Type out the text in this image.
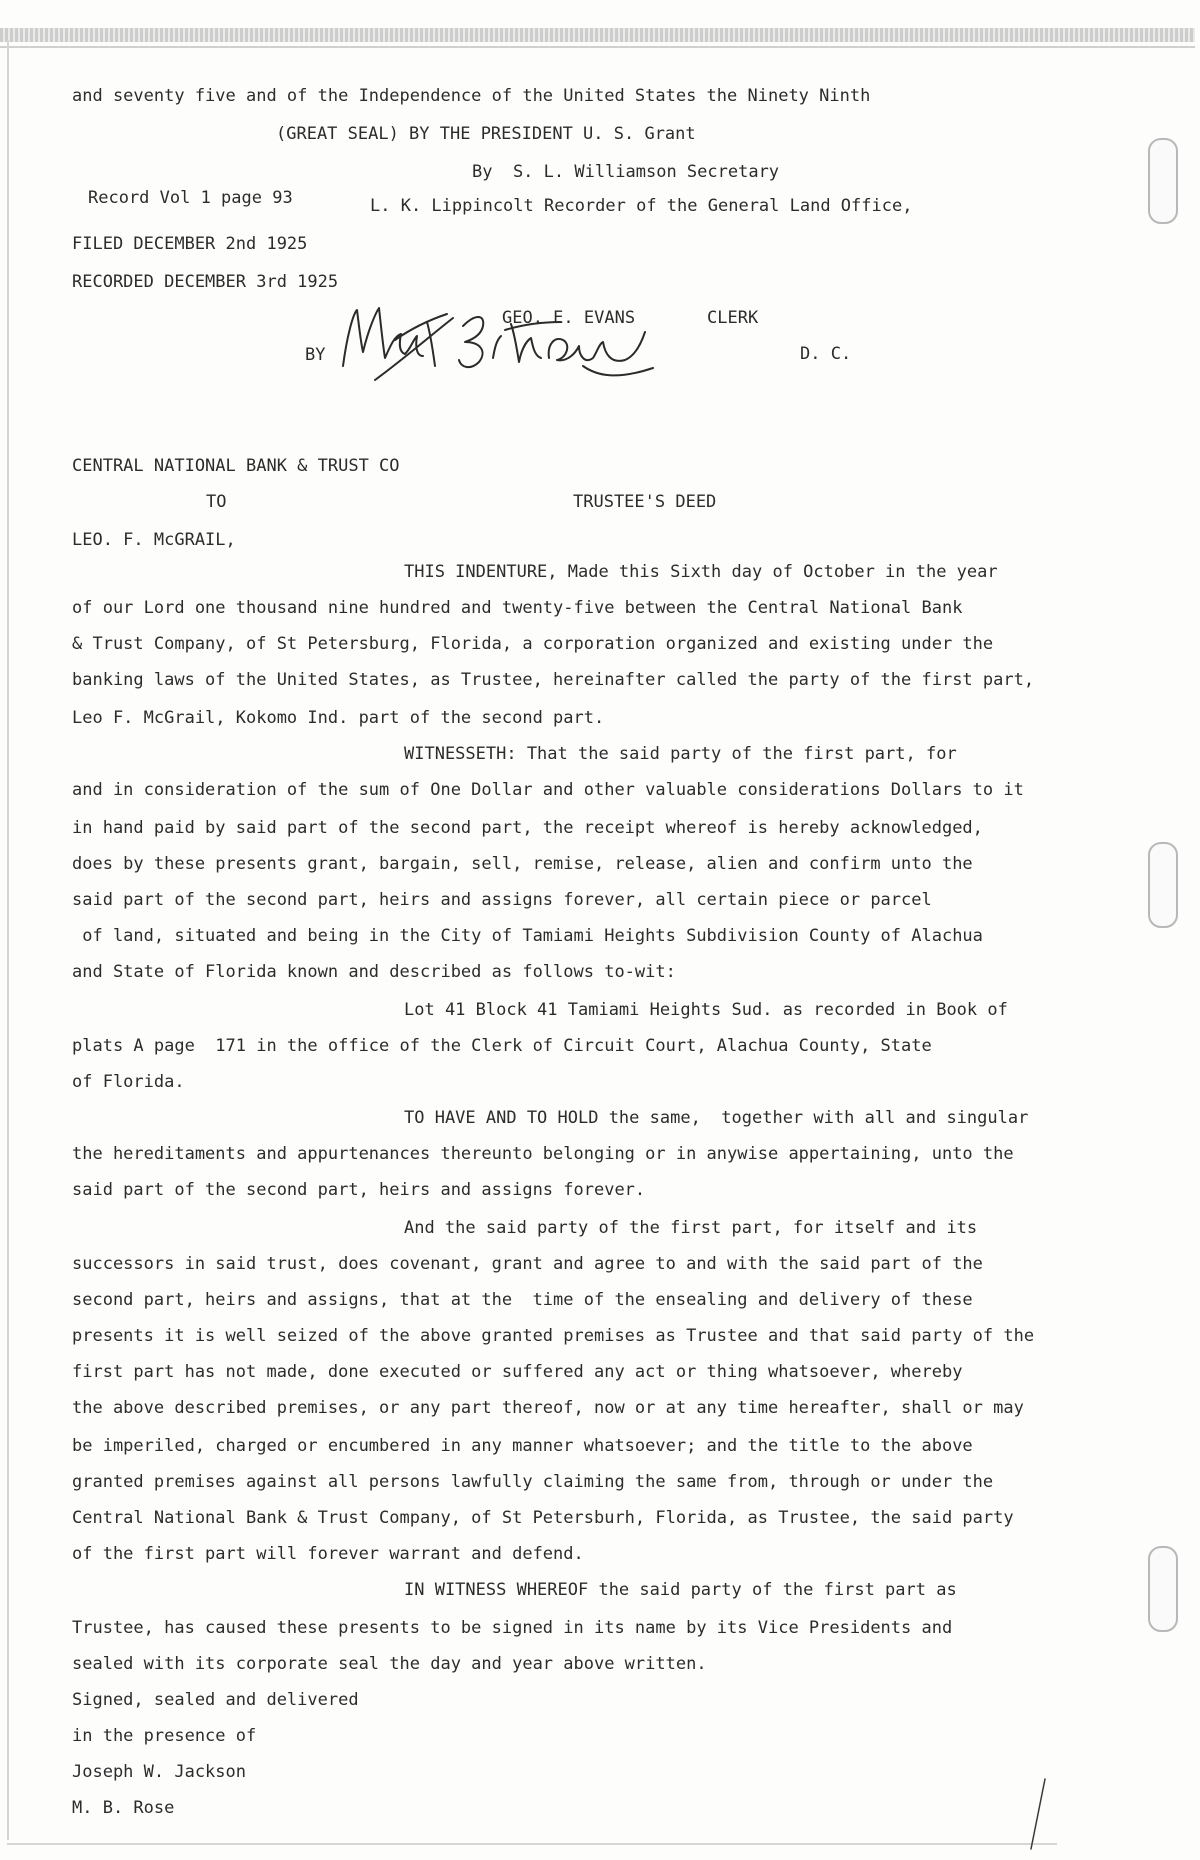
and seventy five and of the Independence of the United States the Ninety Ninth
(GREAT SEAL) BY THE PRESIDENT U. S. Grant
By  S. L. Williamson Secretary
Record Vol 1 page 93	L. K. Lippincolt Recorder of the General Land Office,
FILED DECEMBER 2nd 1925
RECORDED DECEMBER 3rd 1925
GEO. E. EVANS	CLERK
BY	D. C.
CENTRAL NATIONAL BANK & TRUST CO
TO	TRUSTEE'S DEED
LEO. F. McGRAIL,
THIS INDENTURE, Made this Sixth day of October in the year
of our Lord one thousand nine hundred and twenty-five between the Central National Bank
& Trust Company, of St Petersburg, Florida, a corporation organized and existing under the
banking laws of the United States, as Trustee, hereinafter called the party of the first part,
Leo F. McGrail, Kokomo Ind. part of the second part.
WITNESSETH: That the said party of the first part, for
and in consideration of the sum of One Dollar and other valuable considerations Dollars to it
in hand paid by said part of the second part, the receipt whereof is hereby acknowledged,
does by these presents grant, bargain, sell, remise, release, alien and confirm unto the
said part of the second part, heirs and assigns forever, all certain piece or parcel
of land, situated and being in the City of Tamiami Heights Subdivision County of Alachua
and State of Florida known and described as follows to-wit:
Lot 41 Block 41 Tamiami Heights Sud. as recorded in Book of
plats A page  171 in the office of the Clerk of Circuit Court, Alachua County, State
of Florida.
TO HAVE AND TO HOLD the same,  together with all and singular
the hereditaments and appurtenances thereunto belonging or in anywise appertaining, unto the
said part of the second part, heirs and assigns forever.
And the said party of the first part, for itself and its
successors in said trust, does covenant, grant and agree to and with the said part of the
second part, heirs and assigns, that at the  time of the ensealing and delivery of these
presents it is well seized of the above granted premises as Trustee and that said party of the
first part has not made, done executed or suffered any act or thing whatsoever, whereby
the above described premises, or any part thereof, now or at any time hereafter, shall or may
be imperiled, charged or encumbered in any manner whatsoever; and the title to the above
granted premises against all persons lawfully claiming the same from, through or under the
Central National Bank & Trust Company, of St Petersburh, Florida, as Trustee, the said party
of the first part will forever warrant and defend.
IN WITNESS WHEREOF the said party of the first part as
Trustee, has caused these presents to be signed in its name by its Vice Presidents and
sealed with its corporate seal the day and year above written.
Signed, sealed and delivered
in the presence of
Joseph W. Jackson
M. B. Rose
